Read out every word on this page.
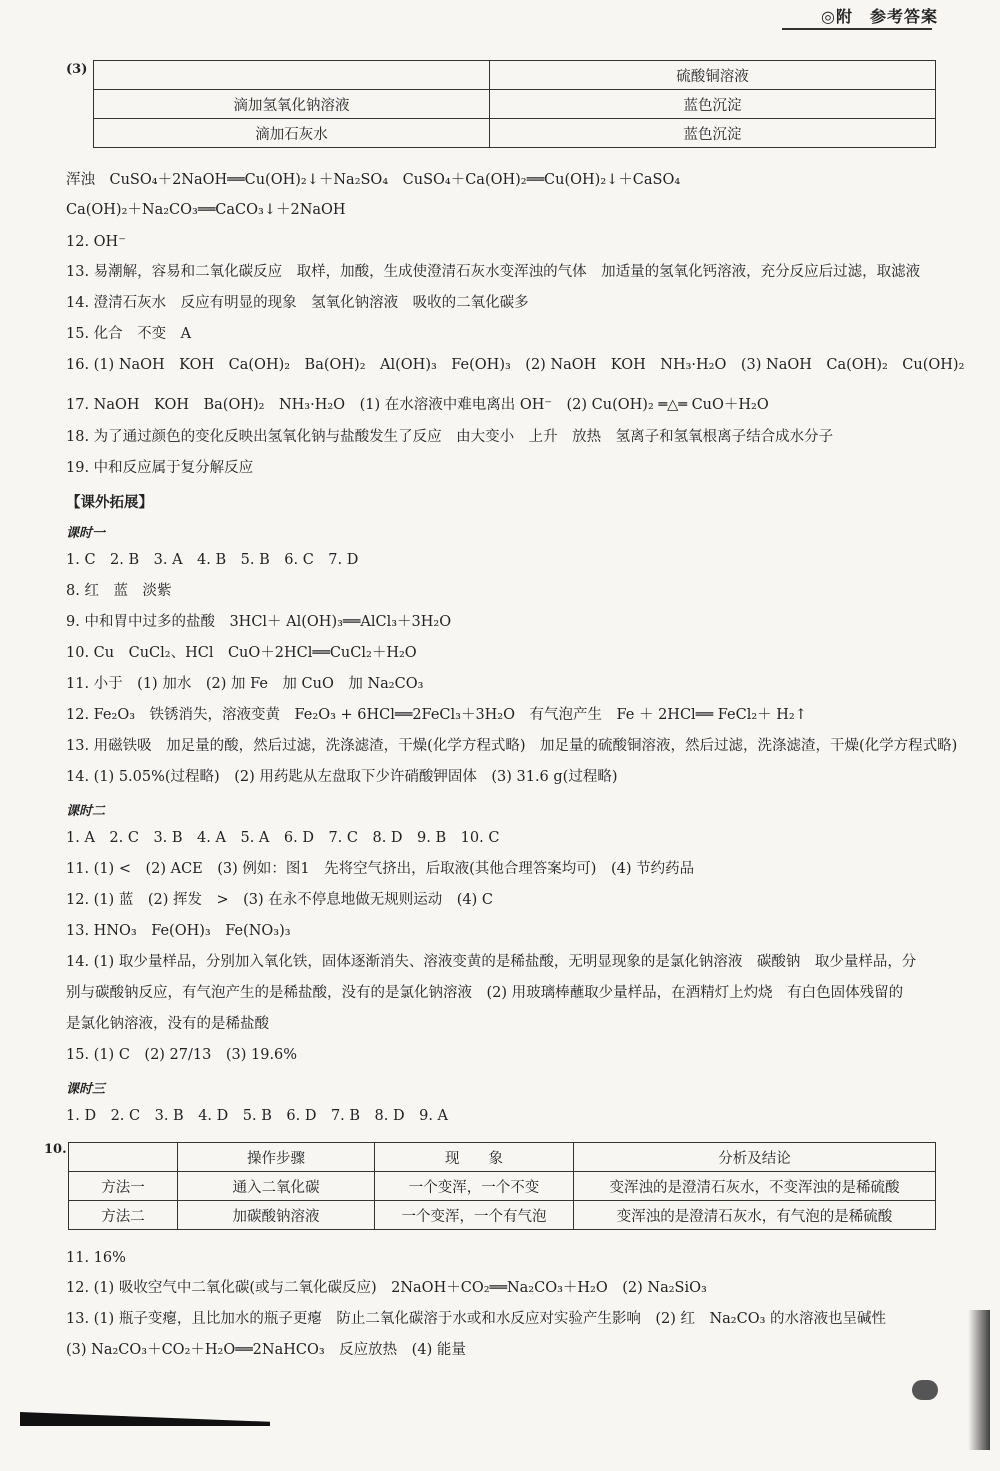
◎附　参考答案
(3)
		硫酸铜溶液
滴加氢氧化钠溶液	蓝色沉淀
滴加石灰水	蓝色沉淀
浑浊　CuSO₄＋2NaOH══Cu(OH)₂↓＋Na₂SO₄　CuSO₄＋Ca(OH)₂══Cu(OH)₂↓＋CaSO₄
Ca(OH)₂＋Na₂CO₃══CaCO₃↓＋2NaOH
12. OH⁻
13. 易潮解，容易和二氧化碳反应　取样，加酸，生成使澄清石灰水变浑浊的气体　加适量的氢氧化钙溶液，充分反应后过滤，取滤液
14. 澄清石灰水　反应有明显的现象　氢氧化钠溶液　吸收的二氧化碳多
15. 化合　不变　A
16. (1) NaOH　KOH　Ca(OH)₂　Ba(OH)₂　Al(OH)₃　Fe(OH)₃　(2) NaOH　KOH　NH₃·H₂O　(3) NaOH　Ca(OH)₂　Cu(OH)₂
17. NaOH　KOH　Ba(OH)₂　NH₃·H₂O　(1) 在水溶液中难电离出 OH⁻　(2) Cu(OH)₂ ═△═ CuO＋H₂O
18. 为了通过颜色的变化反映出氢氧化钠与盐酸发生了反应　由大变小　上升　放热　氢离子和氢氧根离子结合成水分子
19. 中和反应属于复分解反应
【课外拓展】
课时一
1. C　2. B　3. A　4. B　5. B　6. C　7. D
8. 红　蓝　淡紫
9. 中和胃中过多的盐酸　3HCl＋ Al(OH)₃══AlCl₃＋3H₂O
10. Cu　CuCl₂、HCl　CuO＋2HCl══CuCl₂＋H₂O
11. 小于　(1) 加水　(2) 加 Fe　加 CuO　加 Na₂CO₃
12. Fe₂O₃　铁锈消失，溶液变黄　Fe₂O₃ + 6HCl══2FeCl₃＋3H₂O　有气泡产生　Fe ＋ 2HCl══ FeCl₂＋ H₂↑
13. 用磁铁吸　加足量的酸，然后过滤，洗涤滤渣，干燥(化学方程式略)　加足量的硫酸铜溶液，然后过滤，洗涤滤渣，干燥(化学方程式略)
14. (1) 5.05%(过程略)　(2) 用药匙从左盘取下少许硝酸钾固体　(3) 31.6 g(过程略)
课时二
1. A　2. C　3. B　4. A　5. A　6. D　7. C　8. D　9. B　10. C
11. (1) <　(2) ACE　(3) 例如：图1　先将空气挤出，后取液(其他合理答案均可)　(4) 节约药品
12. (1) 蓝　(2) 挥发　>　(3) 在永不停息地做无规则运动　(4) C
13. HNO₃　Fe(OH)₃　Fe(NO₃)₃
14. (1) 取少量样品，分别加入氧化铁，固体逐渐消失、溶液变黄的是稀盐酸，无明显现象的是氯化钠溶液　碳酸钠　取少量样品，分
别与碳酸钠反应，有气泡产生的是稀盐酸，没有的是氯化钠溶液　(2) 用玻璃棒蘸取少量样品，在酒精灯上灼烧　有白色固体残留的
是氯化钠溶液，没有的是稀盐酸
15. (1) C　(2) 27/13　(3) 19.6%
课时三
1. D　2. C　3. B　4. D　5. B　6. D　7. B　8. D　9. A
10.
	操作步骤	现　　象	分析及结论
方法一	通入二氧化碳	一个变浑，一个不变	变浑浊的是澄清石灰水，不变浑浊的是稀硫酸
方法二	加碳酸钠溶液	一个变浑，一个有气泡	变浑浊的是澄清石灰水，有气泡的是稀硫酸
11. 16%
12. (1) 吸收空气中二氧化碳(或与二氧化碳反应)　2NaOH＋CO₂══Na₂CO₃＋H₂O　(2) Na₂SiO₃
13. (1) 瓶子变瘪，且比加水的瓶子更瘪　防止二氧化碳溶于水或和水反应对实验产生影响　(2) 红　Na₂CO₃ 的水溶液也呈碱性
(3) Na₂CO₃＋CO₂＋H₂O══2NaHCO₃　反应放热　(4) 能量
